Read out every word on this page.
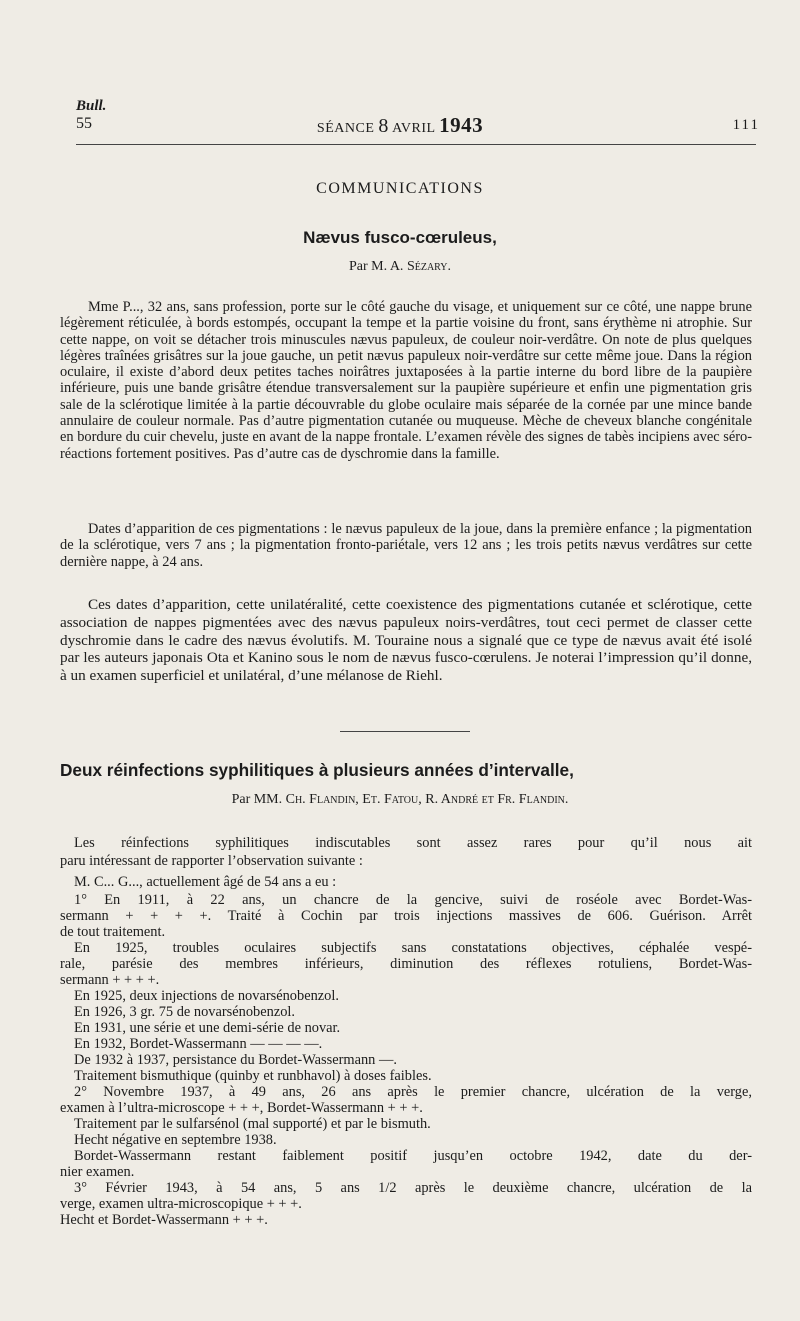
Bull.
55	SÉANCE 8 AVRIL 1943	111
COMMUNICATIONS
Nævus fusco-cœruleus,
Par M. A. Sézary.

Mme P..., 32 ans, sans profession, porte sur le côté gauche du visage, et uniquement sur ce côté, une nappe brune légèrement réticulée, à bords estompés, occupant la tempe et la partie voisine du front, sans érythème ni atrophie. Sur cette nappe, on voit se détacher trois minuscules nævus papuleux, de couleur noir-verdâtre. On note de plus quelques légères traînées grisâtres sur la joue gauche, un petit nævus papuleux noir-verdâtre sur cette même joue. Dans la région oculaire, il existe d’abord deux petites taches noirâtres juxtaposées à la partie interne du bord libre de la paupière inférieure, puis une bande grisâtre étendue transversalement sur la paupière supérieure et enfin une pigmentation gris sale de la sclérotique limitée à la partie découvrable du globe oculaire mais séparée de la cornée par une mince bande annulaire de couleur normale. Pas d’autre pigmentation cutanée ou muqueuse. Mèche de cheveux blanche congénitale en bordure du cuir chevelu, juste en avant de la nappe frontale. L’examen révèle des signes de tabès incipiens avec séro-réactions fortement positives. Pas d’autre cas de dyschromie dans la famille.

Dates d’apparition de ces pigmentations : le nævus papuleux de la joue, dans la première enfance ; la pigmentation de la sclérotique, vers 7 ans ; la pigmentation fronto-pariétale, vers 12 ans ; les trois petits nævus verdâtres sur cette dernière nappe, à 24 ans.

Ces dates d’apparition, cette unilatéralité, cette coexistence des pigmentations cutanée et sclérotique, cette association de nappes pigmentées avec des nævus papuleux noirs-verdâtres, tout ceci permet de classer cette dyschromie dans le cadre des nævus évolutifs. M. Touraine nous a signalé que ce type de nævus avait été isolé par les auteurs japonais Ota et Kanino sous le nom de nævus fusco-cœrulens. Je noterai l’impression qu’il donne, à un examen superficiel et unilatéral, d’une mélanose de Riehl.

Deux réinfections syphilitiques à plusieurs années d’intervalle,
Par MM. Ch. Flandin, Et. Fatou, R. André et Fr. Flandin.
Les réinfections syphilitiques indiscutables sont assez rares pour qu’il nous ait
paru intéressant de rapporter l’observation suivante :
M. C... G..., actuellement âgé de 54 ans a eu :
1° En 1911, à 22 ans, un chancre de la gencive, suivi de roséole avec Bordet-Was-
sermann + + + +. Traité à Cochin par trois injections massives de 606. Guérison. Arrêt
de tout traitement.
En 1925, troubles oculaires subjectifs sans constatations objectives, céphalée vespé-
rale, parésie des membres inférieurs, diminution des réflexes rotuliens, Bordet-Was-
sermann + + + +.
En 1925, deux injections de novarsénobenzol.
En 1926, 3 gr. 75 de novarsénobenzol.
En 1931, une série et une demi-série de novar.
En 1932, Bordet-Wassermann — — — —.
De 1932 à 1937, persistance du Bordet-Wassermann —.
Traitement bismuthique (quinby et runbhavol) à doses faibles.
2° Novembre 1937, à 49 ans, 26 ans après le premier chancre, ulcération de la verge,
examen à l’ultra-microscope + + +, Bordet-Wassermann + + +.
Traitement par le sulfarsénol (mal supporté) et par le bismuth.
Hecht négative en septembre 1938.
Bordet-Wassermann restant faiblement positif jusqu’en octobre 1942, date du der-
nier examen.
3° Février 1943, à 54 ans, 5 ans 1/2 après le deuxième chancre, ulcération de la
verge, examen ultra-microscopique + + +.
Hecht et Bordet-Wassermann + + +.
